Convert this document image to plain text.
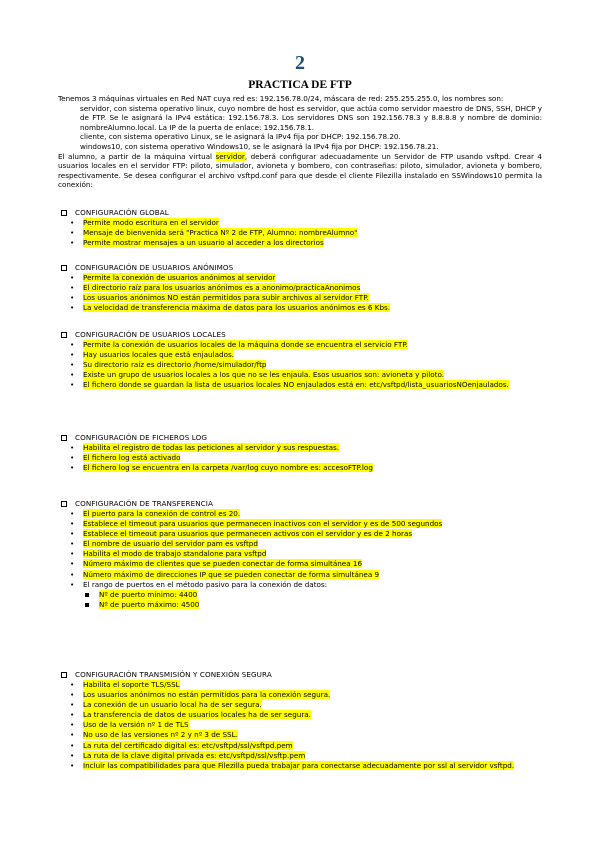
2
PRACTICA DE FTP

Tenemos 3 máquinas virtuales en Red NAT cuya red es: 192.156.78.0/24, máscara de red: 255.255.255.0, los nombres son:

servidor, con sistema operativo linux, cuyo nombre de host es servidor, que actúa como servidor maestro de DNS, SSH, DHCP y de FTP. Se le asignará la IPv4 estática: 192.156.78.3. Los servidores DNS son 192.156.78.3 y 8.8.8.8 y nombre de dominio: nombreAlumno.local. La IP de la puerta de enlace: 192.156.78.1.

cliente, con sistema operativo Linux, se le asignará la IPv4 fija por DHCP: 192.156.78.20.

windows10, con sistema operativo Windows10, se le asignará la IPv4 fija por DHCP: 192.156.78.21.

El alumno, a partir de la máquina virtual servidor, deberá configurar adecuadamente un Servidor de FTP usando vsftpd. Crear 4 usuarios locales en el servidor FTP: piloto, simulador, avioneta y bombero, con contraseñas: piloto, simulador, avioneta y bombero, respectivamente. Se desea configurar el archivo vsftpd.conf para que desde el cliente Filezilla instalado en SSWindows10 permita la conexión:

CONFIGURACIÓN GLOBAL
• Permite modo escritura en el servidor
• Mensaje de bienvenida será "Practica Nº 2 de FTP, Alumno: nombreAlumno"
• Permite mostrar mensajes a un usuario al acceder a los directorios
CONFIGURACIÓN DE USUARIOS ANÓNIMOS
• Permite la conexión de usuarios anónimos al servidor
• El directorio raíz para los usuarios anónimos es a anonimo/practicaAnonimos
• Los usuarios anónimos NO están permitidos para subir archivos al servidor FTP.
• La velocidad de transferencia máxima de datos para los usuarios anónimos es 6 Kbs.
CONFIGURACIÓN DE USUARIOS LOCALES
• Permite la conexión de usuarios locales de la máquina donde se encuentra el servicio FTP.
• Hay usuarios locales que está enjaulados.
• Su directorio raíz es directorio /home/simulador/ftp
• Existe un grupo de usuarios locales a los que no se les enjaula. Esos usuarios son: avioneta y piloto.
• El fichero donde se guardan la lista de usuarios locales NO enjaulados está en: etc/vsftpd/lista_usuariosNOenjaulados.
CONFIGURACIÓN DE FICHEROS LOG
• Habilita el registro de todas las peticiones al servidor y sus respuestas.
• El fichero log está activado
• El fichero log se encuentra en la carpeta /var/log cuyo nombre es: accesoFTP.log
CONFIGURACIÓN DE TRANSFERENCIA
• El puerto para la conexión de control es 20.
• Establece el timeout para usuarios que permanecen inactivos con el servidor y es de 500 segundos
• Establece el timeout para usuarios que permanecen activos con el servidor y es de 2 horas
• El nombre de usuario del servidor pam es vsftpd
• Habilita el modo de trabajo standalone para vsftpd
• Número máximo de clientes que se pueden conectar de forma simultánea 16
• Número máximo de direcciones IP que se pueden conectar de forma simultánea 9
• El rango de puertos en el método pasivo para la conexión de datos:
Nº de puerto mínimo: 4400
Nº de puerto máximo: 4500
CONFIGURACIÓN TRANSMISIÓN Y CONEXIÓN SEGURA
• Habilita el soporte TLS/SSL
• Los usuarios anónimos no están permitidos para la conexión segura.
• La conexión de un usuario local ha de ser segura.
• La transferencia de datos de usuarios locales ha de ser segura.
• Uso de la versión nº 1 de TLS
• No uso de las versiones nº 2 y nº 3 de SSL.
• La ruta del certificado digital es: etc/vsftpd/ssl/vsftpd.pem
• La ruta de la clave digital privada es: etc/vsftpd/ssl/vsftp.pem
• Incluir las compatibilidades para que Filezilla pueda trabajar para conectarse adecuadamente por ssl al servidor vsftpd.
